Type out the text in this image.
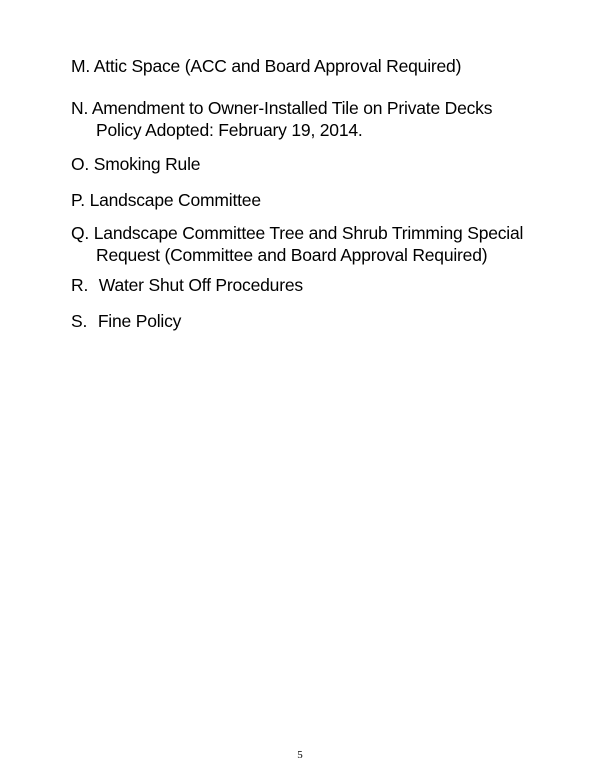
M. Attic Space (ACC and Board Approval Required)
N. Amendment to Owner-Installed Tile on Private Decks
Policy Adopted: February 19, 2014.
O. Smoking Rule
P. Landscape Committee
Q. Landscape Committee Tree and Shrub Trimming Special
Request (Committee and Board Approval Required)
R. Water Shut Off Procedures
S. Fine Policy
5
